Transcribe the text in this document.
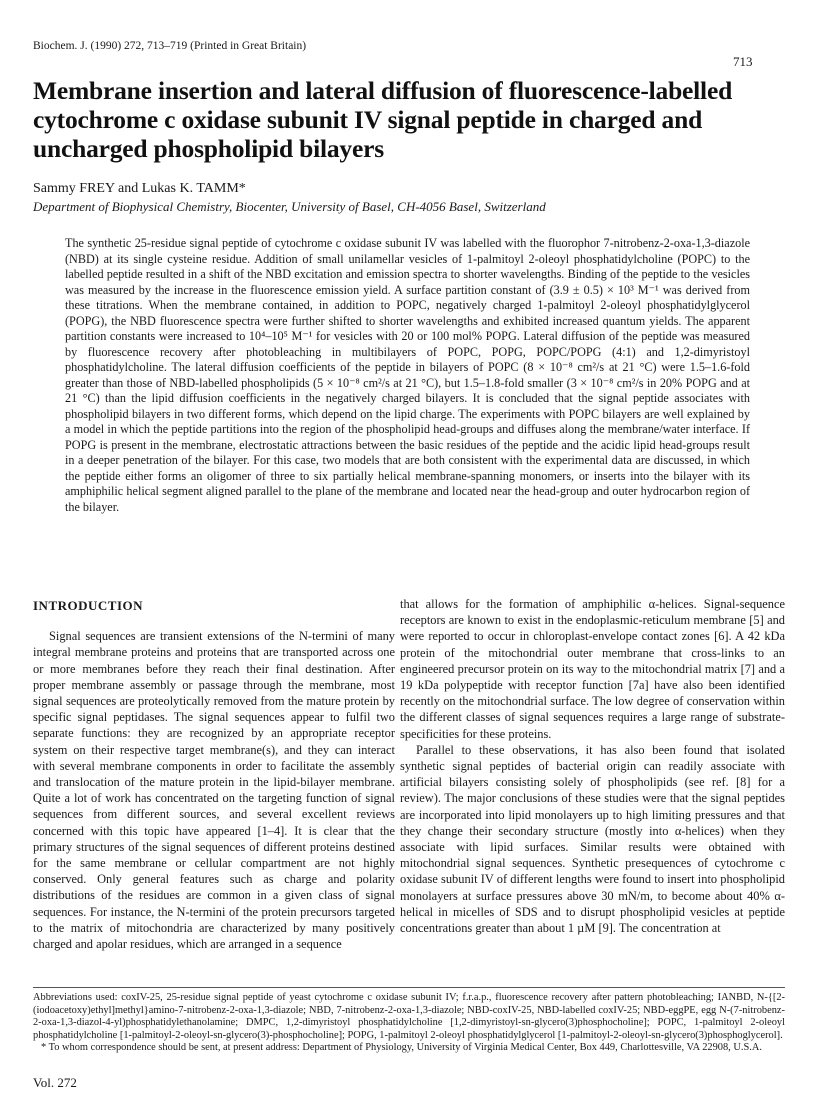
Biochem. J. (1990) 272, 713–719 (Printed in Great Britain)
713
Membrane insertion and lateral diffusion of fluorescence-labelled cytochrome c oxidase subunit IV signal peptide in charged and uncharged phospholipid bilayers
Sammy FREY and Lukas K. TAMM*
Department of Biophysical Chemistry, Biocenter, University of Basel, CH-4056 Basel, Switzerland

The synthetic 25-residue signal peptide of cytochrome c oxidase subunit IV was labelled with the fluorophor 7-nitrobenz-2-oxa-1,3-diazole (NBD) at its single cysteine residue. Addition of small unilamellar vesicles of 1-palmitoyl 2-oleoyl phosphatidylcholine (POPC) to the labelled peptide resulted in a shift of the NBD excitation and emission spectra to shorter wavelengths. Binding of the peptide to the vesicles was measured by the increase in the fluorescence emission yield. A surface partition constant of (3.9 ± 0.5) × 10³ M⁻¹ was derived from these titrations. When the membrane contained, in addition to POPC, negatively charged 1-palmitoyl 2-oleoyl phosphatidylglycerol (POPG), the NBD fluorescence spectra were further shifted to shorter wavelengths and exhibited increased quantum yields. The apparent partition constants were increased to 10⁴–10⁵ M⁻¹ for vesicles with 20 or 100 mol% POPG. Lateral diffusion of the peptide was measured by fluorescence recovery after photobleaching in multibilayers of POPC, POPG, POPC/POPG (4:1) and 1,2-dimyristoyl phosphatidylcholine. The lateral diffusion coefficients of the peptide in bilayers of POPC (8 × 10⁻⁸ cm²/s at 21 °C) were 1.5–1.6-fold greater than those of NBD-labelled phospholipids (5 × 10⁻⁸ cm²/s at 21 °C), but 1.5–1.8-fold smaller (3 × 10⁻⁸ cm²/s in 20% POPG and at 21 °C) than the lipid diffusion coefficients in the negatively charged bilayers. It is concluded that the signal peptide associates with phospholipid bilayers in two different forms, which depend on the lipid charge. The experiments with POPC bilayers are well explained by a model in which the peptide partitions into the region of the phospholipid head-groups and diffuses along the membrane/water interface. If POPG is present in the membrane, electrostatic attractions between the basic residues of the peptide and the acidic lipid head-groups result in a deeper penetration of the bilayer. For this case, two models that are both consistent with the experimental data are discussed, in which the peptide either forms an oligomer of three to six partially helical membrane-spanning monomers, or inserts into the bilayer with its amphiphilic helical segment aligned parallel to the plane of the membrane and located near the head-group and outer hydrocarbon region of the bilayer.

INTRODUCTION

Signal sequences are transient extensions of the N-termini of many integral membrane proteins and proteins that are transported across one or more membranes before they reach their final destination. After proper membrane assembly or passage through the membrane, most signal sequences are proteolytically removed from the mature protein by specific signal peptidases. The signal sequences appear to fulfil two separate functions: they are recognized by an appropriate receptor system on their respective target membrane(s), and they can interact with several membrane components in order to facilitate the assembly and translocation of the mature protein in the lipid-bilayer membrane. Quite a lot of work has concentrated on the targeting function of signal sequences from different sources, and several excellent reviews concerned with this topic have appeared [1–4]. It is clear that the primary structures of the signal sequences of different proteins destined for the same membrane or cellular compartment are not highly conserved. Only general features such as charge and polarity distributions of the residues are common in a given class of signal sequences. For instance, the N-termini of the protein precursors targeted to the matrix of mitochondria are characterized by many positively charged and apolar residues, which are arranged in a sequence

that allows for the formation of amphiphilic α-helices. Signal-sequence receptors are known to exist in the endoplasmic-reticulum membrane [5] and were reported to occur in chloroplast-envelope contact zones [6]. A 42 kDa protein of the mitochondrial outer membrane that cross-links to an engineered precursor protein on its way to the mitochondrial matrix [7] and a 19 kDa polypeptide with receptor function [7a] have also been identified recently on the mitochondrial surface. The low degree of conservation within the different classes of signal sequences requires a large range of substrate-specificities for these proteins.

Parallel to these observations, it has also been found that isolated synthetic signal peptides of bacterial origin can readily associate with artificial bilayers consisting solely of phospholipids (see ref. [8] for a review). The major conclusions of these studies were that the signal peptides are incorporated into lipid monolayers up to high limiting pressures and that they change their secondary structure (mostly into α-helices) when they associate with lipid surfaces. Similar results were obtained with mitochondrial signal sequences. Synthetic presequences of cytochrome c oxidase subunit IV of different lengths were found to insert into phospholipid monolayers at surface pressures above 30 mN/m, to become about 40% α-helical in micelles of SDS and to disrupt phospholipid vesicles at peptide concentrations greater than about 1 µM [9]. The concentration at

Abbreviations used: coxIV-25, 25-residue signal peptide of yeast cytochrome c oxidase subunit IV; f.r.a.p., fluorescence recovery after pattern photobleaching; IANBD, N-{[2-(iodoacetoxy)ethyl]methyl}amino-7-nitrobenz-2-oxa-1,3-diazole; NBD, 7-nitrobenz-2-oxa-1,3-diazole; NBD-coxIV-25, NBD-labelled coxIV-25; NBD-eggPE, egg N-(7-nitrobenz-2-oxa-1,3-diazol-4-yl)phosphatidylethanolamine; DMPC, 1,2-dimyristoyl phosphatidylcholine [1,2-dimyristoyl-sn-glycero(3)phosphocholine]; POPC, 1-palmitoyl 2-oleoyl phosphatidylcholine [1-palmitoyl-2-oleoyl-sn-glycero(3)-phosphocholine]; POPG, 1-palmitoyl 2-oleoyl phosphatidylglycerol [1-palmitoyl-2-oleoyl-sn-glycero(3)phosphoglycerol].

* To whom correspondence should be sent, at present address: Department of Physiology, University of Virginia Medical Center, Box 449, Charlottesville, VA 22908, U.S.A.

Vol. 272
